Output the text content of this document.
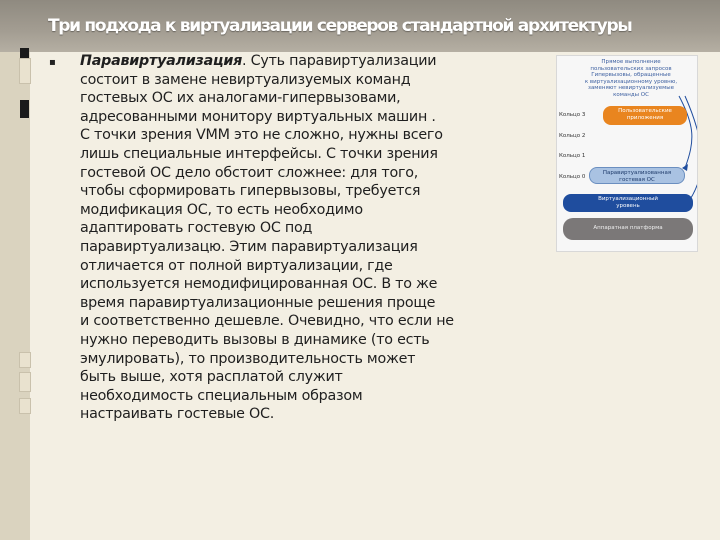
Три подхода к виртуализации серверов стандартной архитектуры
▪ Паравиртуализация. Суть паравиртуализации
состоит в замене невиртуализуемых команд
гостевых ОС их аналогами-гипервызовами,
адресованными монитору виртуальных машин .
С точки зрения VMM это не сложно, нужны всего
лишь специальные интерфейсы. С точки зрения
гостевой ОС дело обстоит сложнее: для того,
чтобы сформировать гипервызовы, требуется
модификация ОС, то есть необходимо
адаптировать гостевую ОС под
паравиртуализацю. Этим паравиртуализация
отличается от полной виртуализации, где
используется немодифицированная ОС. В то же
время паравиртуализационные решения проще
и соответственно дешевле. Очевидно, что если не
нужно переводить вызовы в динамике (то есть
эмулировать), то производительность может
быть выше, хотя расплатой служит
необходимость специальным образом
настраивать гостевые ОС.
Прямое выполнение
пользовательских запросов
Гипервызовы, обращенные
к виртуализационному уровню,
заменяют невиртуализуемые
команды ОС
Кольцо 3
Кольцо 2
Кольцо 1
Кольцо 0
Пользовательские
приложения
Паравиртуализованная
гостевая ОС
Виртуализационный
уровень
Аппаратная платформа
